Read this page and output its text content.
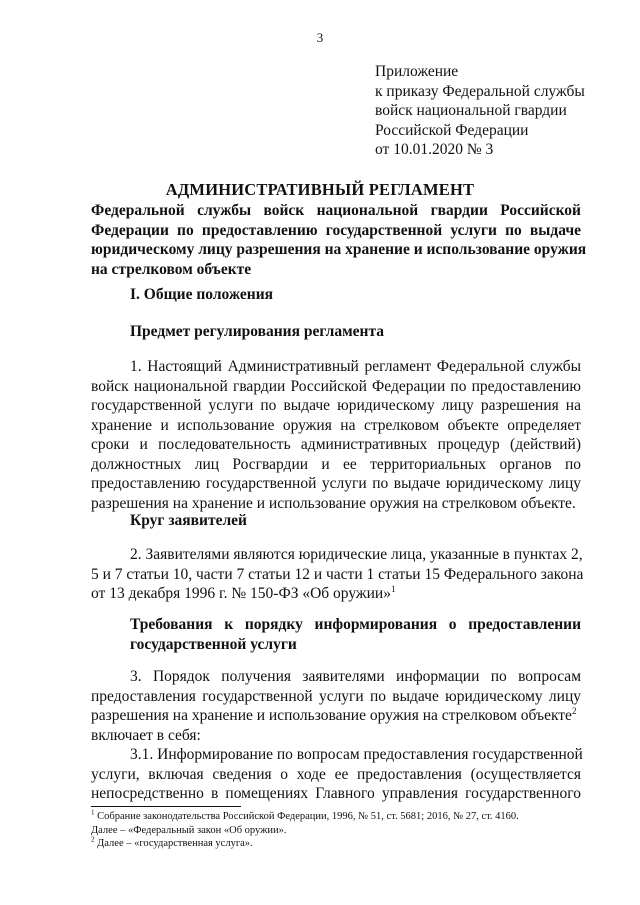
3
Приложение
к приказу Федеральной службы
войск национальной гвардии
Российской Федерации
от 10.01.2020 № 3
АДМИНИСТРАТИВНЫЙ РЕГЛАМЕНТ
Федеральной службы войск национальной гвардии Российской
Федерации по предоставлению государственной услуги по выдаче
юридическому лицу разрешения на хранение и использование оружия
на стрелковом объекте
I. Общие положения
Предмет регулирования регламента
1. Настоящий Административный регламент Федеральной службы
войск национальной гвардии Российской Федерации по предоставлению
государственной услуги по выдаче юридическому лицу разрешения на
хранение и использование оружия на стрелковом объекте определяет
сроки и последовательность административных процедур (действий)
должностных лиц Росгвардии и ее территориальных органов по
предоставлению государственной услуги по выдаче юридическому лицу
разрешения на хранение и использование оружия на стрелковом объекте.
Круг заявителей
2. Заявителями являются юридические лица, указанные в пунктах 2,
5 и 7 статьи 10, части 7 статьи 12 и части 1 статьи 15 Федерального закона
от 13 декабря 1996 г. № 150-ФЗ «Об оружии»$^1$
Требования к порядку информирования о предоставлении
государственной услуги
3. Порядок получения заявителями информации по вопросам
предоставления государственной услуги по выдаче юридическому лицу
разрешения на хранение и использование оружия на стрелковом объекте$^2$
включает в себя:
3.1. Информирование по вопросам предоставления государственной
услуги, включая сведения о ходе ее предоставления (осуществляется
непосредственно в помещениях Главного управления государственного
$^1$ Собрание законодательства Российской Федерации, 1996, № 51, ст. 5681; 2016, № 27, ст. 4160.
Далее – «Федеральный закон «Об оружии».
$^2$ Далее – «государственная услуга».
